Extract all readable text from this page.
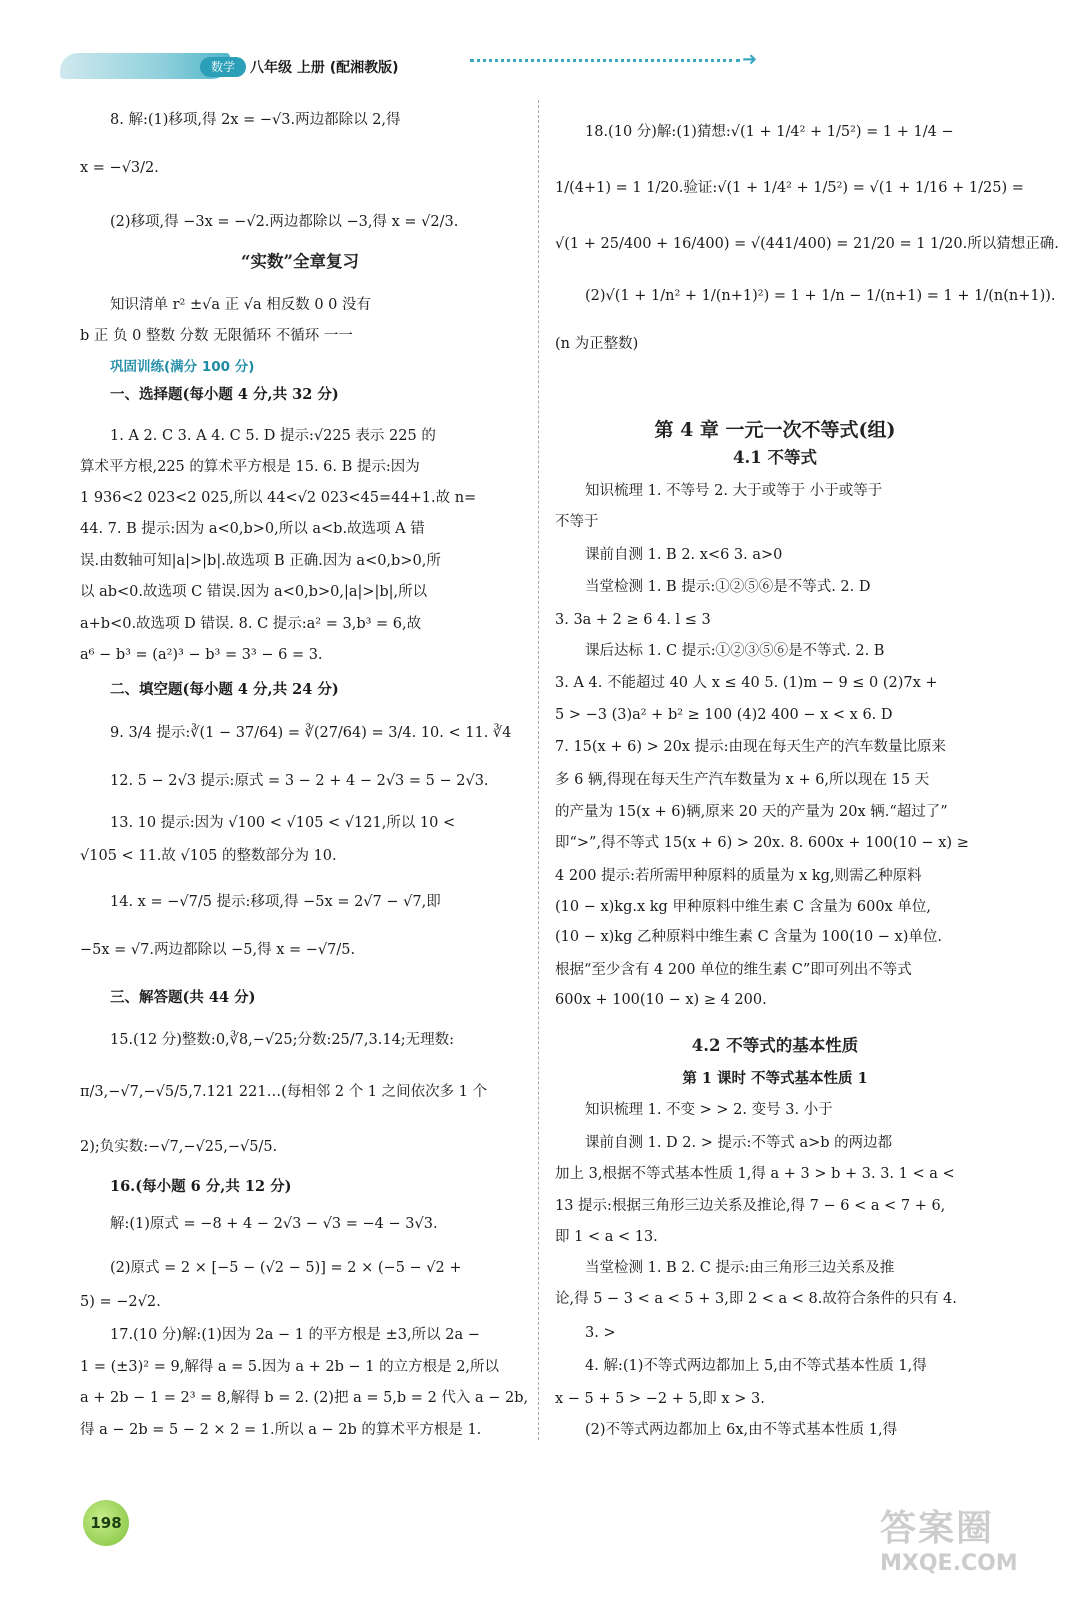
数学	八年级 上册 (配湘教版)	➜
8. 解:(1)移项,得 2x = −√3.两边都除以 2,得
x = −√3/2.
(2)移项,得 −3x = −√2.两边都除以 −3,得 x = √2/3.
“实数”全章复习
知识清单 r² ±√a 正 √a 相反数 0 0 没有
b 正 负 0 整数 分数 无限循环 不循环 一一
巩固训练(满分 100 分)
一、选择题(每小题 4 分,共 32 分)
1. A 2. C 3. A 4. C 5. D 提示:√225 表示 225 的
算术平方根,225 的算术平方根是 15. 6. B 提示:因为
1 936<2 023<2 025,所以 44<√2 023<45=44+1.故 n=
44. 7. B 提示:因为 a<0,b>0,所以 a<b.故选项 A 错
误.由数轴可知|a|>|b|.故选项 B 正确.因为 a<0,b>0,所
以 ab<0.故选项 C 错误.因为 a<0,b>0,|a|>|b|,所以
a+b<0.故选项 D 错误. 8. C 提示:a² = 3,b³ = 6,故
a⁶ − b³ = (a²)³ − b³ = 3³ − 6 = 3.
二、填空题(每小题 4 分,共 24 分)
9. 3/4 提示:∛(1 − 37/64) = ∛(27/64) = 3/4. 10. < 11. ∛4
12. 5 − 2√3 提示:原式 = 3 − 2 + 4 − 2√3 = 5 − 2√3.
13. 10 提示:因为 √100 < √105 < √121,所以 10 <
√105 < 11.故 √105 的整数部分为 10.
14. x = −√7/5 提示:移项,得 −5x = 2√7 − √7,即
−5x = √7.两边都除以 −5,得 x = −√7/5.
三、解答题(共 44 分)
15.(12 分)整数:0,∛8,−√25;分数:25/7,3.14;无理数:
π/3,−√7,−√5/5,7.121 221…(每相邻 2 个 1 之间依次多 1 个
2);负实数:−√7,−√25,−√5/5.
16.(每小题 6 分,共 12 分)
解:(1)原式 = −8 + 4 − 2√3 − √3 = −4 − 3√3.
(2)原式 = 2 × [−5 − (√2 − 5)] = 2 × (−5 − √2 +
5) = −2√2.
17.(10 分)解:(1)因为 2a − 1 的平方根是 ±3,所以 2a −
1 = (±3)² = 9,解得 a = 5.因为 a + 2b − 1 的立方根是 2,所以
a + 2b − 1 = 2³ = 8,解得 b = 2. (2)把 a = 5,b = 2 代入 a − 2b,
得 a − 2b = 5 − 2 × 2 = 1.所以 a − 2b 的算术平方根是 1.
18.(10 分)解:(1)猜想:√(1 + 1/4² + 1/5²) = 1 + 1/4 −
1/(4+1) = 1 1/20.验证:√(1 + 1/4² + 1/5²) = √(1 + 1/16 + 1/25) =
√(1 + 25/400 + 16/400) = √(441/400) = 21/20 = 1 1/20.所以猜想正确.
(2)√(1 + 1/n² + 1/(n+1)²) = 1 + 1/n − 1/(n+1) = 1 + 1/(n(n+1)).
(n 为正整数)
第 4 章 一元一次不等式(组)
4.1 不等式
知识梳理 1. 不等号 2. 大于或等于 小于或等于
不等于
课前自测 1. B 2. x<6 3. a>0
当堂检测 1. B 提示:①②⑤⑥是不等式. 2. D
3. 3a + 2 ≥ 6 4. l ≤ 3
课后达标 1. C 提示:①②③⑤⑥是不等式. 2. B
3. A 4. 不能超过 40 人 x ≤ 40 5. (1)m − 9 ≤ 0 (2)7x +
5 > −3 (3)a² + b² ≥ 100 (4)2 400 − x < x 6. D
7. 15(x + 6) > 20x 提示:由现在每天生产的汽车数量比原来
多 6 辆,得现在每天生产汽车数量为 x + 6,所以现在 15 天
的产量为 15(x + 6)辆,原来 20 天的产量为 20x 辆.“超过了”
即“>”,得不等式 15(x + 6) > 20x. 8. 600x + 100(10 − x) ≥
4 200 提示:若所需甲种原料的质量为 x kg,则需乙种原料
(10 − x)kg.x kg 甲种原料中维生素 C 含量为 600x 单位,
(10 − x)kg 乙种原料中维生素 C 含量为 100(10 − x)单位.
根据“至少含有 4 200 单位的维生素 C”即可列出不等式
600x + 100(10 − x) ≥ 4 200.
4.2 不等式的基本性质
第 1 课时 不等式基本性质 1
知识梳理 1. 不变 > > 2. 变号 3. 小于
课前自测 1. D 2. > 提示:不等式 a>b 的两边都
加上 3,根据不等式基本性质 1,得 a + 3 > b + 3. 3. 1 < a <
13 提示:根据三角形三边关系及推论,得 7 − 6 < a < 7 + 6,
即 1 < a < 13.
当堂检测 1. B 2. C 提示:由三角形三边关系及推
论,得 5 − 3 < a < 5 + 3,即 2 < a < 8.故符合条件的只有 4.
3. >
4. 解:(1)不等式两边都加上 5,由不等式基本性质 1,得
x − 5 + 5 > −2 + 5,即 x > 3.
(2)不等式两边都加上 6x,由不等式基本性质 1,得
198	答案圈
MXQE.COM
